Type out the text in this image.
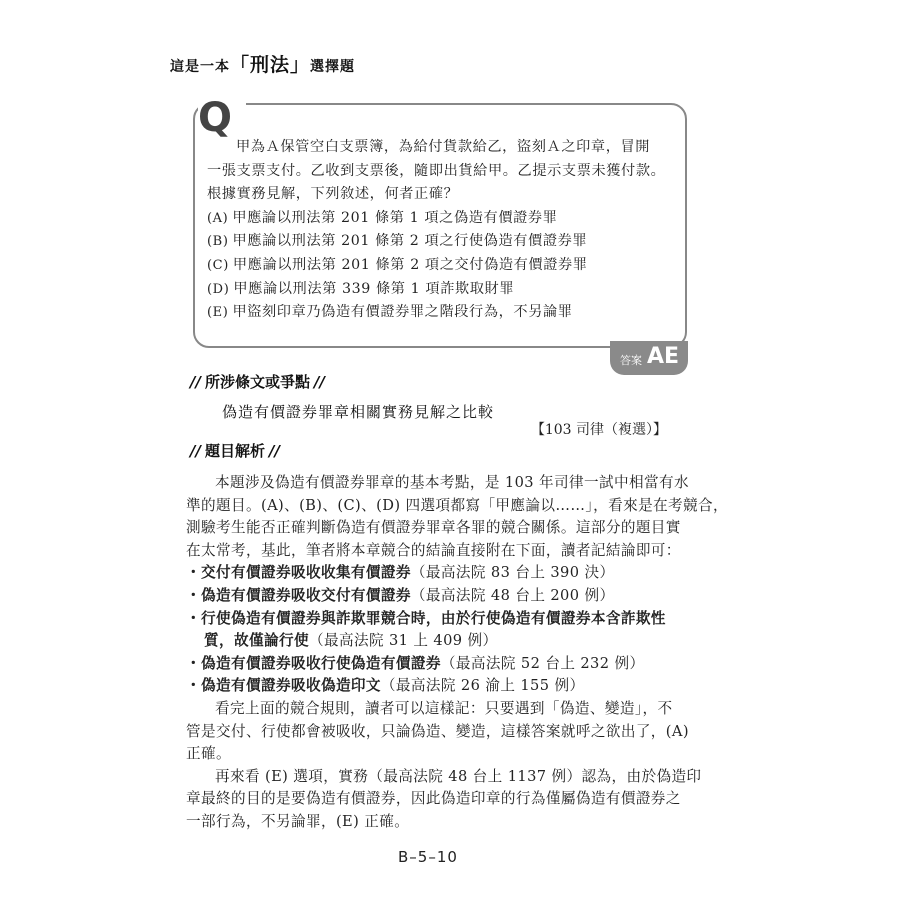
這是一本「刑法」選擇題
【103 司律（複選）】
Q
甲為Ａ保管空白支票簿，為給付貨款給乙，盜刻Ａ之印章，冒開
一張支票支付。乙收到支票後，隨即出貨給甲。乙提示支票未獲付款。
根據實務見解，下列敘述，何者正確？
(A) 甲應論以刑法第 201 條第 1 項之偽造有價證券罪
(B) 甲應論以刑法第 201 條第 2 項之行使偽造有價證券罪
(C) 甲應論以刑法第 201 條第 2 項之交付偽造有價證券罪
(D) 甲應論以刑法第 339 條第 1 項詐欺取財罪
(E) 甲盜刻印章乃偽造有價證券罪之階段行為，不另論罪
答案 AE
// 所涉條文或爭點 //
偽造有價證券罪章相關實務見解之比較
// 題目解析 //
本題涉及偽造有價證券罪章的基本考點，是 103 年司律一試中相當有水
準的題目。(A)、(B)、(C)、(D) 四選項都寫「甲應論以……」，看來是在考競合，
測驗考生能否正確判斷偽造有價證券罪章各罪的競合關係。這部分的題目實
在太常考，基此，筆者將本章競合的結論直接附在下面，讀者記結論即可：
・交付有價證券吸收收集有價證券（最高法院 83 台上 390 決）
・偽造有價證券吸收交付有價證券（最高法院 48 台上 200 例）
・行使偽造有價證券與詐欺罪競合時，由於行使偽造有價證券本含詐欺性
質，故僅論行使（最高法院 31 上 409 例）
・偽造有價證券吸收行使偽造有價證券（最高法院 52 台上 232 例）
・偽造有價證券吸收偽造印文（最高法院 26 渝上 155 例）
看完上面的競合規則，讀者可以這樣記：只要遇到「偽造、變造」，不
管是交付、行使都會被吸收，只論偽造、變造，這樣答案就呼之欲出了，(A)
正確。
再來看 (E) 選項，實務（最高法院 48 台上 1137 例）認為，由於偽造印
章最終的目的是要偽造有價證券，因此偽造印章的行為僅屬偽造有價證券之
一部行為，不另論罪，(E) 正確。
B–5–10
